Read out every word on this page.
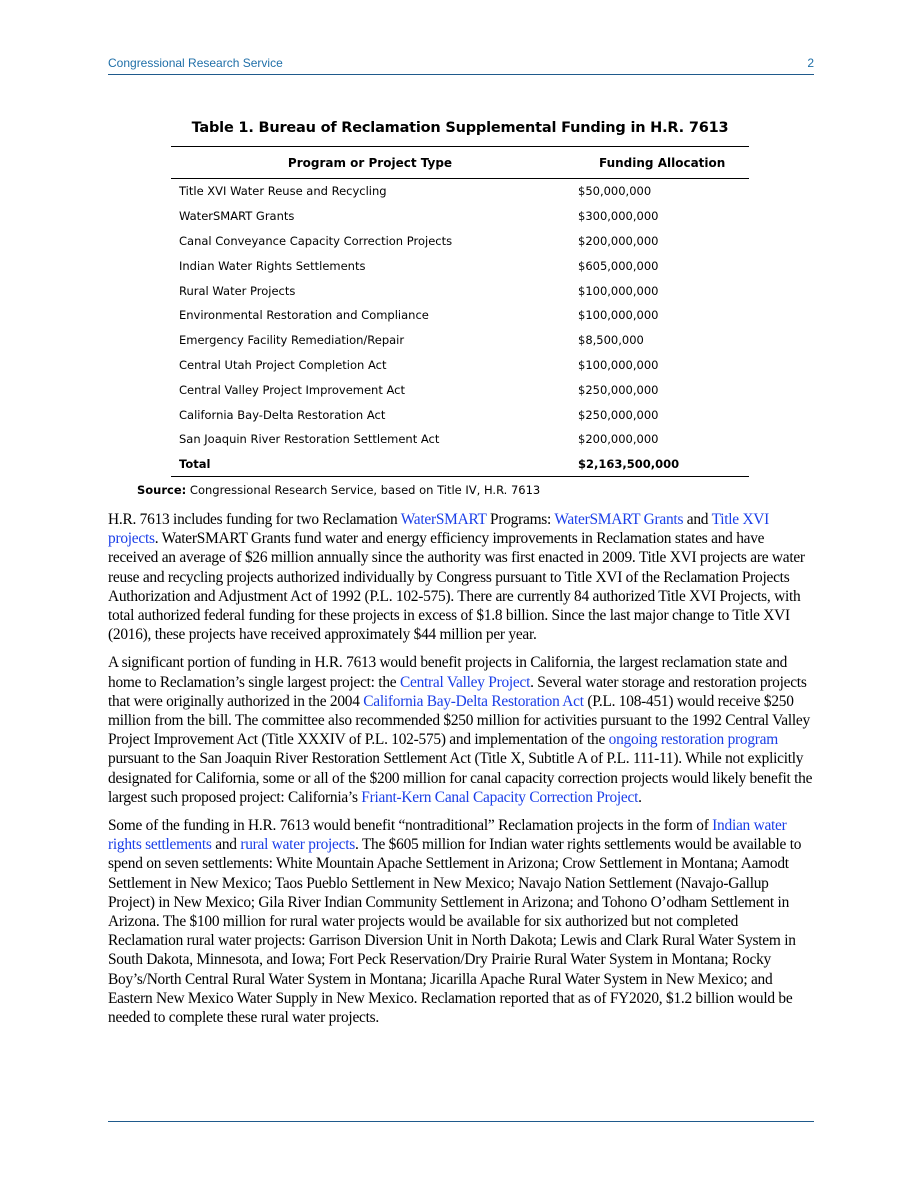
Congressional Research Service	2
Table 1. Bureau of Reclamation Supplemental Funding in H.R. 7613
Program or Project Type	Funding Allocation
Title XVI Water Reuse and Recycling	$50,000,000
WaterSMART Grants	$300,000,000
Canal Conveyance Capacity Correction Projects	$200,000,000
Indian Water Rights Settlements	$605,000,000
Rural Water Projects	$100,000,000
Environmental Restoration and Compliance	$100,000,000
Emergency Facility Remediation/Repair	$8,500,000
Central Utah Project Completion Act	$100,000,000
Central Valley Project Improvement Act	$250,000,000
California Bay-Delta Restoration Act	$250,000,000
San Joaquin River Restoration Settlement Act	$200,000,000
Total	$2,163,500,000
Source: Congressional Research Service, based on Title IV, H.R. 7613

H.R. 7613 includes funding for two Reclamation WaterSMART Programs: WaterSMART Grants and Title XVI projects. WaterSMART Grants fund water and energy efficiency improvements in Reclamation states and have received an average of $26 million annually since the authority was first enacted in 2009. Title XVI projects are water reuse and recycling projects authorized individually by Congress pursuant to Title XVI of the Reclamation Projects Authorization and Adjustment Act of 1992 (P.L. 102-575). There are currently 84 authorized Title XVI Projects, with total authorized federal funding for these projects in excess of $1.8 billion. Since the last major change to Title XVI (2016), these projects have received approximately $44 million per year.

A significant portion of funding in H.R. 7613 would benefit projects in California, the largest reclamation state and home to Reclamation’s single largest project: the Central Valley Project. Several water storage and restoration projects that were originally authorized in the 2004 California Bay-Delta Restoration Act (P.L. 108-451) would receive $250 million from the bill. The committee also recommended $250 million for activities pursuant to the 1992 Central Valley Project Improvement Act (Title XXXIV of P.L. 102-575) and implementation of the ongoing restoration program pursuant to the San Joaquin River Restoration Settlement Act (Title X, Subtitle A of P.L. 111-11). While not explicitly designated for California, some or all of the $200 million for canal capacity correction projects would likely benefit the largest such proposed project: California’s Friant-Kern Canal Capacity Correction Project.

Some of the funding in H.R. 7613 would benefit “nontraditional” Reclamation projects in the form of Indian water rights settlements and rural water projects. The $605 million for Indian water rights settlements would be available to spend on seven settlements: White Mountain Apache Settlement in Arizona; Crow Settlement in Montana; Aamodt Settlement in New Mexico; Taos Pueblo Settlement in New Mexico; Navajo Nation Settlement (Navajo-Gallup Project) in New Mexico; Gila River Indian Community Settlement in Arizona; and Tohono O’odham Settlement in Arizona. The $100 million for rural water projects would be available for six authorized but not completed Reclamation rural water projects: Garrison Diversion Unit in North Dakota; Lewis and Clark Rural Water System in South Dakota, Minnesota, and Iowa; Fort Peck Reservation/Dry Prairie Rural Water System in Montana; Rocky Boy’s/North Central Rural Water System in Montana; Jicarilla Apache Rural Water System in New Mexico; and Eastern New Mexico Water Supply in New Mexico. Reclamation reported that as of FY2020, $1.2 billion would be needed to complete these rural water projects.
